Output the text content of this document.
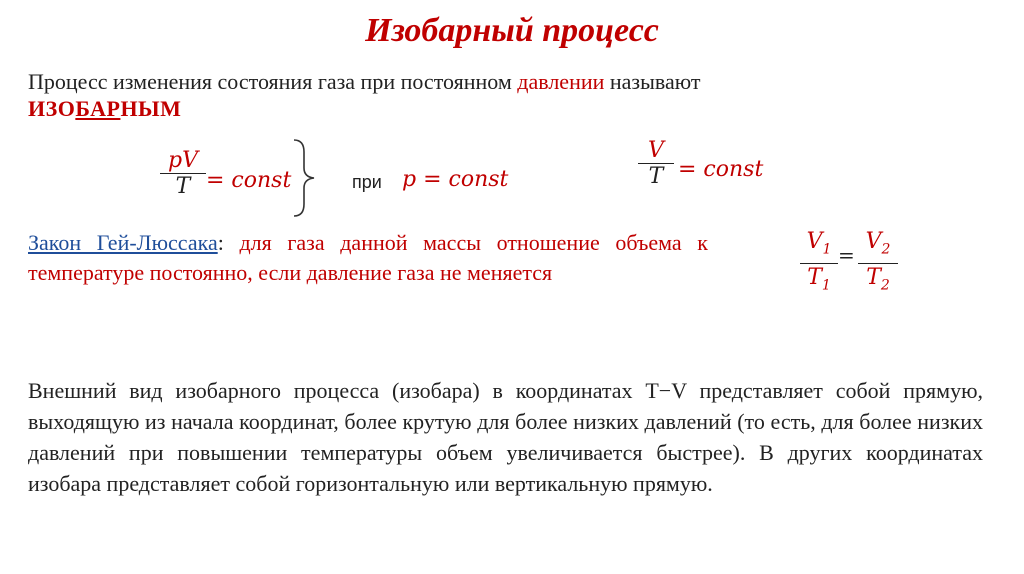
Изобарный процесс
Процесс изменения состояния газа при постоянном давлении называют
ИЗОБАРНЫМ
pV
T = const	при p = const
V
T = const
Закон Гей-Люссака: для газа данной массы отношение объема к температуре постоянно, если давление газа не меняется
$V_1$
$T_1$
=
$V_2$
$T_2$
Внешний вид изобарного процесса (изобара) в координатах T−V представляет собой прямую, выходящую из начала координат, более крутую для более низких давлений (то есть, для более низких давлений при повышении температуры объем увеличивается быстрее). В других координатах изобара представляет собой горизонтальную или вертикальную прямую.
